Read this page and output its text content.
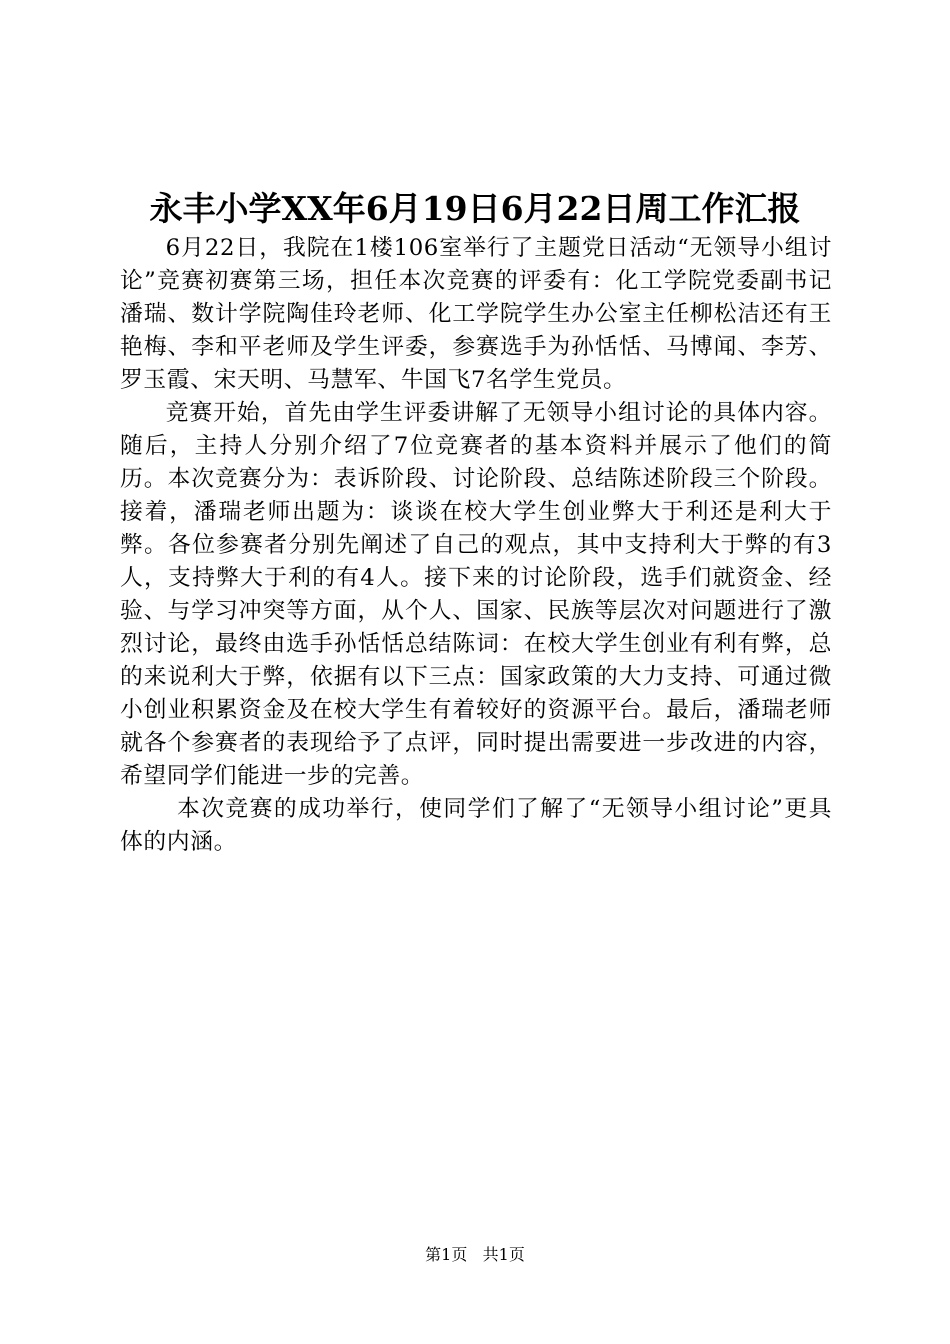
永丰小学XX年6月19日6月22日周工作汇报

6月22日，我院在1楼106室举行了主题党日活动“无领导小组讨论”竞赛初赛第三场，担任本次竞赛的评委有：化工学院党委副书记潘瑞、数计学院陶佳玲老师、化工学院学生办公室主任柳松洁还有王艳梅、李和平老师及学生评委，参赛选手为孙恬恬、马博闻、李芳、罗玉霞、宋天明、马慧军、牛国飞7名学生党员。

竞赛开始，首先由学生评委讲解了无领导小组讨论的具体内容。随后，主持人分别介绍了7位竞赛者的基本资料并展示了他们的简历。本次竞赛分为：表诉阶段、讨论阶段、总结陈述阶段三个阶段。接着，潘瑞老师出题为：谈谈在校大学生创业弊大于利还是利大于弊。各位参赛者分别先阐述了自己的观点，其中支持利大于弊的有3人，支持弊大于利的有4人。接下来的讨论阶段，选手们就资金、经验、与学习冲突等方面，从个人、国家、民族等层次对问题进行了激烈讨论，最终由选手孙恬恬总结陈词：在校大学生创业有利有弊，总的来说利大于弊，依据有以下三点：国家政策的大力支持、可通过微小创业积累资金及在校大学生有着较好的资源平台。最后，潘瑞老师就各个参赛者的表现给予了点评，同时提出需要进一步改进的内容，希望同学们能进一步的完善。

本次竞赛的成功举行，使同学们了解了“无领导小组讨论”更具体的内涵。

第1页 共1页
